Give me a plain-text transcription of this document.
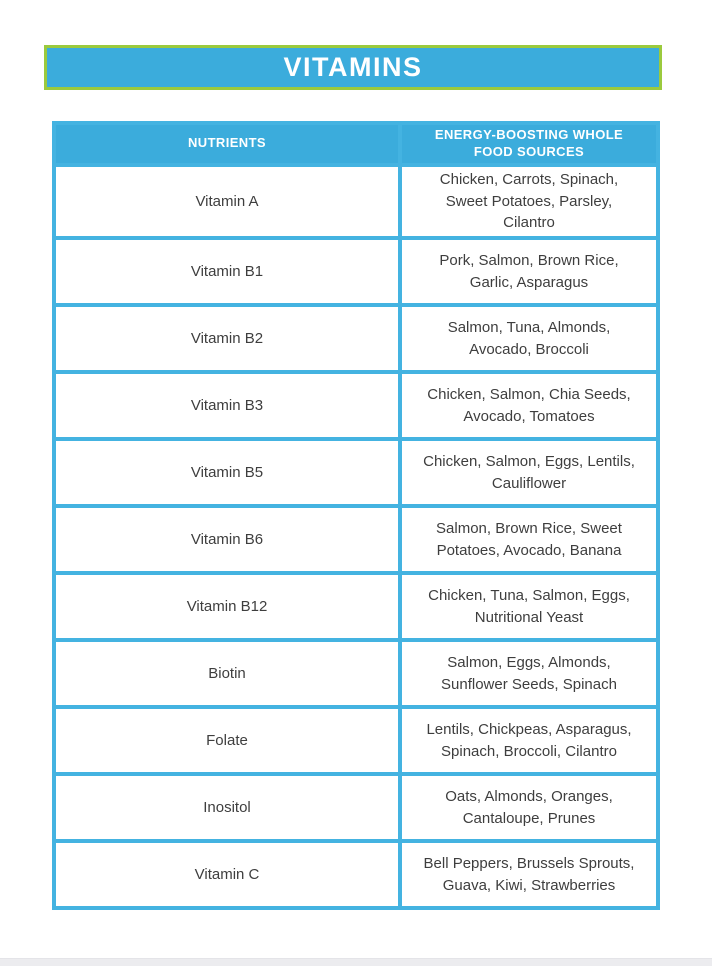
VITAMINS
NUTRIENTS	ENERGY-BOOSTING WHOLE FOOD SOURCES
Vitamin A	Chicken, Carrots, Spinach, Sweet Potatoes, Parsley, Cilantro
Vitamin B1	Pork, Salmon, Brown Rice, Garlic, Asparagus
Vitamin B2	Salmon, Tuna, Almonds, Avocado, Broccoli
Vitamin B3	Chicken, Salmon, Chia Seeds, Avocado, Tomatoes
Vitamin B5	Chicken, Salmon, Eggs, Lentils, Cauliflower
Vitamin B6	Salmon, Brown Rice, Sweet Potatoes, Avocado, Banana
Vitamin B12	Chicken, Tuna, Salmon, Eggs, Nutritional Yeast
Biotin	Salmon, Eggs, Almonds, Sunflower Seeds, Spinach
Folate	Lentils, Chickpeas, Asparagus, Spinach, Broccoli, Cilantro
Inositol	Oats, Almonds, Oranges, Cantaloupe, Prunes
Vitamin C	Bell Peppers, Brussels Sprouts, Guava, Kiwi, Strawberries
